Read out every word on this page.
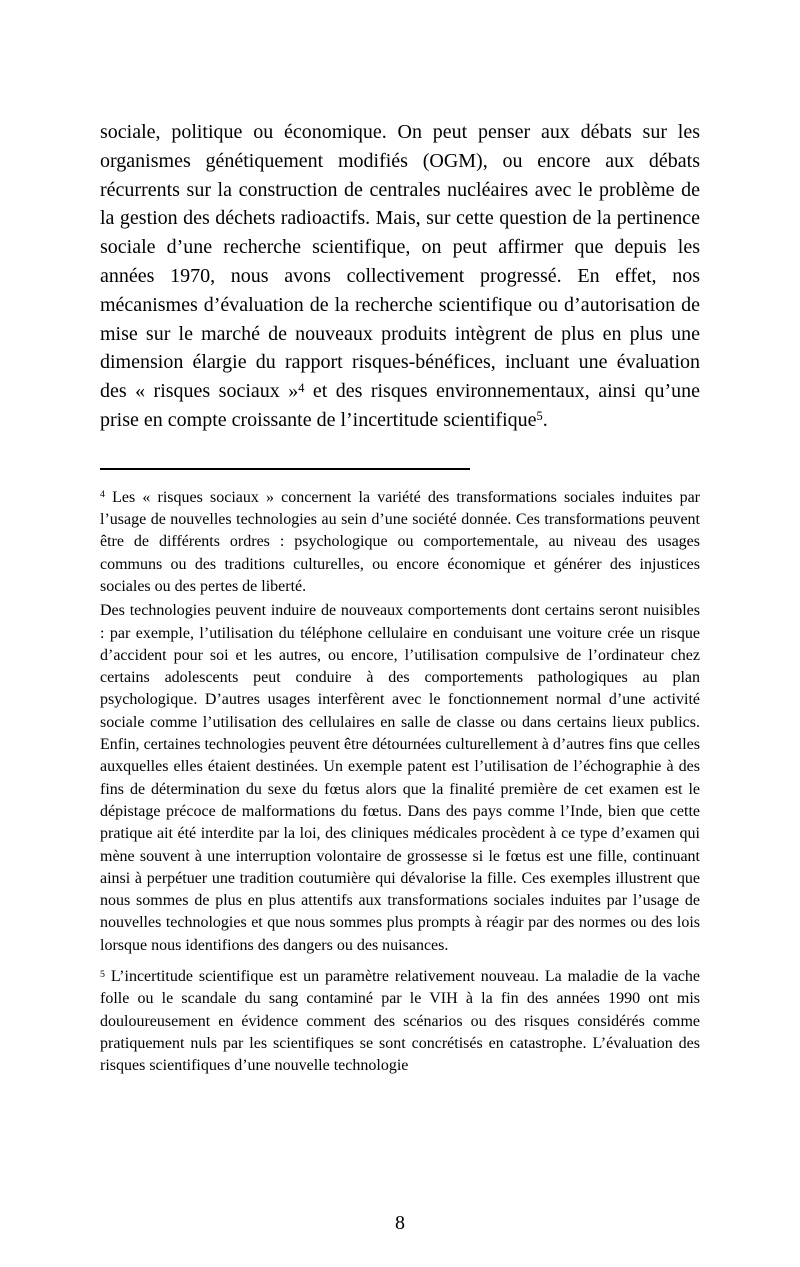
sociale, politique ou économique. On peut penser aux débats sur les organismes génétiquement modifiés (OGM), ou encore aux débats récurrents sur la construction de centrales nucléaires avec le problème de la gestion des déchets radioactifs. Mais, sur cette question de la pertinence sociale d’une recherche scientifique, on peut affirmer que depuis les années 1970, nous avons collectivement progressé. En effet, nos mécanismes d’évaluation de la recherche scientifique ou d’autorisation de mise sur le marché de nouveaux produits intègrent de plus en plus une dimension élargie du rapport risques-bénéfices, incluant une évaluation des « risques sociaux »$^4$ et des risques environnementaux, ainsi qu’une prise en compte croissante de l’incertitude scientifique$^5$.

$^4$ Les « risques sociaux » concernent la variété des transformations sociales induites par l’usage de nouvelles technologies au sein d’une société donnée. Ces transformations peuvent être de différents ordres : psychologique ou comportementale, au niveau des usages communs ou des traditions culturelles, ou encore économique et générer des injustices sociales ou des pertes de liberté.

Des technologies peuvent induire de nouveaux comportements dont certains seront nuisibles : par exemple, l’utilisation du téléphone cellulaire en conduisant une voiture crée un risque d’accident pour soi et les autres, ou encore, l’utilisation compulsive de l’ordinateur chez certains adolescents peut conduire à des comportements pathologiques au plan psychologique. D’autres usages interfèrent avec le fonctionnement normal d’une activité sociale comme l’utilisation des cellulaires en salle de classe ou dans certains lieux publics. Enfin, certaines technologies peuvent être détournées culturellement à d’autres fins que celles auxquelles elles étaient destinées. Un exemple patent est l’utilisation de l’échographie à des fins de détermination du sexe du fœtus alors que la finalité première de cet examen est le dépistage précoce de malformations du fœtus. Dans des pays comme l’Inde, bien que cette pratique ait été interdite par la loi, des cliniques médicales procèdent à ce type d’examen qui mène souvent à une interruption volontaire de grossesse si le fœtus est une fille, continuant ainsi à perpétuer une tradition coutumière qui dévalorise la fille. Ces exemples illustrent que nous sommes de plus en plus attentifs aux transformations sociales induites par l’usage de nouvelles technologies et que nous sommes plus prompts à réagir par des normes ou des lois lorsque nous identifions des dangers ou des nuisances.

$^5$ L’incertitude scientifique est un paramètre relativement nouveau. La maladie de la vache folle ou le scandale du sang contaminé par le VIH à la fin des années 1990 ont mis douloureusement en évidence comment des scénarios ou des risques considérés comme pratiquement nuls par les scientifiques se sont concrétisés en catastrophe. L’évaluation des risques scientifiques d’une nouvelle technologie

8
